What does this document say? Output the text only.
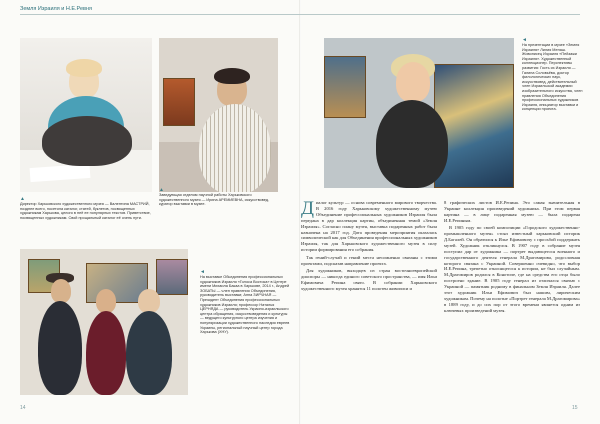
Земля Израиля и Н.Е.Ревня
▲
Директор Харьковского художественного музея — Валентина МАСТРИЙ, позднее всего, посетила каталог, статей, буклетов, посвященных художникам Харькова, целого в неё ее популярных текстов. Приветствие, посвященных художникам. Свой прощальный каталог её очень пути.
▲
Заведующая отделом научной работы Харьковского художественного музея — Ирина АРЕМИЕВНА, искусствовед, куратор выставки в музее.
◄
На выставке Обьединения профессиональных художников Израиля «Голоса Востока» в Центре имени Михаила Бакаа в Харькове, 2014 г., Андрей ЗОБАТЫ — член правления Объединения, руководитель выставки; Анна ЗИРЧНАЯ — Президент Объединения профессиональных художников Израиля; профессор Наталья ЦЕРНЯДА — руководитель Украино-израильского центра обращения, искусствоведения и культуры — ведущего культурного центра изучения и популяризации художественного наследия евреев Украины, региональный научный центр города Харькова (ХНУ).

Диалог культур — основа современного мирового творчества. В 2016 году Харьковскому художественному музею Объединение профессиональных художников Израиля была передана в дар коллекция картин, объединенная темой «Земля Израиля». Согласно плану музея, выставка подаренных работ была назначена на 2017 год. Дата проведения мероприятия оказалась символической как для Объединения профессиональных художников Израиля, так для Харьковского художественного музея в силу истории формирования его собрания.

Так гений-случай и гений места несомненно связаны с этими проектами, подсказав направление проекта.

Для художников, выходцев из стран восточноевропейской диаспоры — никогда единого советского пространства, — имя Ильи Ефимовича Репина свято. В собрании Харьковского художественного музея хранятся 11 полотен живописи и

8 графических листов И.Е.Репина. Это самая значительная в Украине коллекция произведений художника. При этом первая картина — в лице подаренная музею — была подарена И.Е.Репиным.

В 1905 году по своей композиции «Городского художественно-промышленного музея» стоял известный харьковский историк Д.Багалей. Он обратился к Илье Ефимовичу с просьбой поддержать музей. Художник откликнулся. В 1907 году в собрание музея поступил дар от художника — портрет выдающегося военного и государственного деятеля генерала М.Драгомирова, родословная которого связана с Украиной. Совершенно очевидно, что выбор И.Е.Репина, трепетно относящегося к истории, не был случайным. М.Драгомиров родился в Конотопе, где на средства его отца было построено здание. В 1905 году генерал из отличался связью с Украиной — памятник родному в финальном Земля Израиля. Далее этот художник Ильи Ефимович был нашим, лирическим художникам. Почему на полотне «Портрет генерала М.Драгомирова» в 1889 году, и до сих пор от этого времени является одним из ключевых произведений музея.

◄
На презентации в музее «Земля Израиля» Лилия Менаш. Живописец Израиля «Пейзажи Израиля». Художественный коллекционер. Перспективы развития: Гость из Израиля — Галина Соловьёва, доктор филологических наук, искусствовед, действительный член Израильской академии изобразительного искусства, член правления Объединения профессиональных художников Израиля, инициатор выставки и концепции проекта.
14	15
